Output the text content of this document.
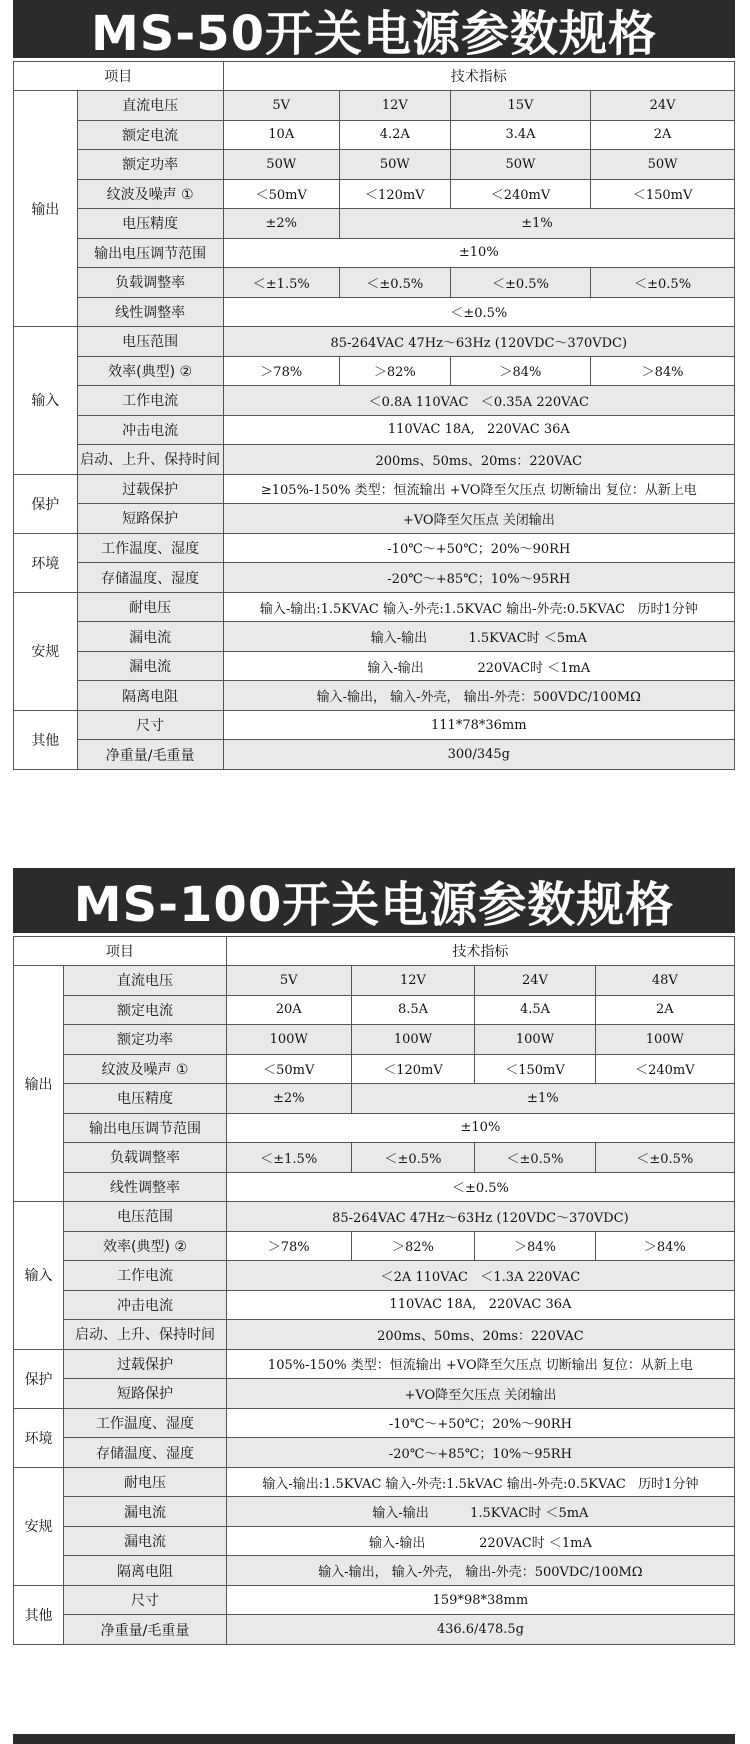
MS-50开关电源参数规格
项目		技术指标			
输出	直流电压	5V	12V	15V	24V
	额定电流	10A	4.2A	3.4A	2A
	额定功率	50W	50W	50W	50W
	纹波及噪声 ①	＜50mV	＜120mV	＜240mV	＜150mV
	电压精度	±2%	±1%		
	输出电压调节范围	±10%			
	负载调整率	＜±1.5%	＜±0.5%	＜±0.5%	＜±0.5%
	线性调整率	＜±0.5%			
输入	电压范围	85-264VAC 47Hz～63Hz (120VDC～370VDC)			
	效率(典型) ②	＞78%	＞82%	＞84%	＞84%
	工作电流	＜0.8A 110VAC   ＜0.35A 220VAC			
	冲击电流	110VAC 18A,   220VAC 36A			
	启动、上升、保持时间	200ms、50ms、20ms：220VAC			
保护	过载保护	≥105%-150% 类型：恒流输出 +VO降至欠压点 切断输出 复位：从新上电			
	短路保护	+VO降至欠压点 关闭输出			
环境	工作温度、湿度	-10℃～+50℃；20%～90RH			
	存储温度、湿度	-20℃～+85℃；10%～95RH			
安规	耐电压	输入-输出:1.5KVAC 输入-外壳:1.5KVAC 输出-外壳:0.5KVAC   历时1分钟			
	漏电流	输入-输出          1.5KVAC时 ＜5mA			
	漏电流	输入-输出             220VAC时 ＜1mA			
	隔离电阻	输入-输出， 输入-外壳， 输出-外壳：500VDC/100MΩ			
其他	尺寸	111*78*36mm			
	净重量/毛重量	300/345g			
MS-100开关电源参数规格
项目		技术指标			
输出	直流电压	5V	12V	24V	48V
	额定电流	20A	8.5A	4.5A	2A
	额定功率	100W	100W	100W	100W
	纹波及噪声 ①	＜50mV	＜120mV	＜150mV	＜240mV
	电压精度	±2%	±1%		
	输出电压调节范围	±10%			
	负载调整率	＜±1.5%	＜±0.5%	＜±0.5%	＜±0.5%
	线性调整率	＜±0.5%			
输入	电压范围	85-264VAC 47Hz～63Hz (120VDC～370VDC)			
	效率(典型) ②	＞78%	＞82%	＞84%	＞84%
	工作电流	＜2A 110VAC   ＜1.3A 220VAC			
	冲击电流	110VAC 18A,   220VAC 36A			
	启动、上升、保持时间	200ms、50ms、20ms：220VAC			
保护	过载保护	105%-150% 类型：恒流输出 +VO降至欠压点 切断输出 复位：从新上电			
	短路保护	+VO降至欠压点 关闭输出			
环境	工作温度、湿度	-10℃～+50℃；20%～90RH			
	存储温度、湿度	-20℃～+85℃；10%～95RH			
安规	耐电压	输入-输出:1.5KVAC 输入-外壳:1.5kVAC 输出-外壳:0.5KVAC   历时1分钟			
	漏电流	输入-输出          1.5KVAC时 ＜5mA			
	漏电流	输入-输出             220VAC时 ＜1mA			
	隔离电阻	输入-输出， 输入-外壳， 输出-外壳：500VDC/100MΩ			
其他	尺寸	159*98*38mm			
	净重量/毛重量	436.6/478.5g			
